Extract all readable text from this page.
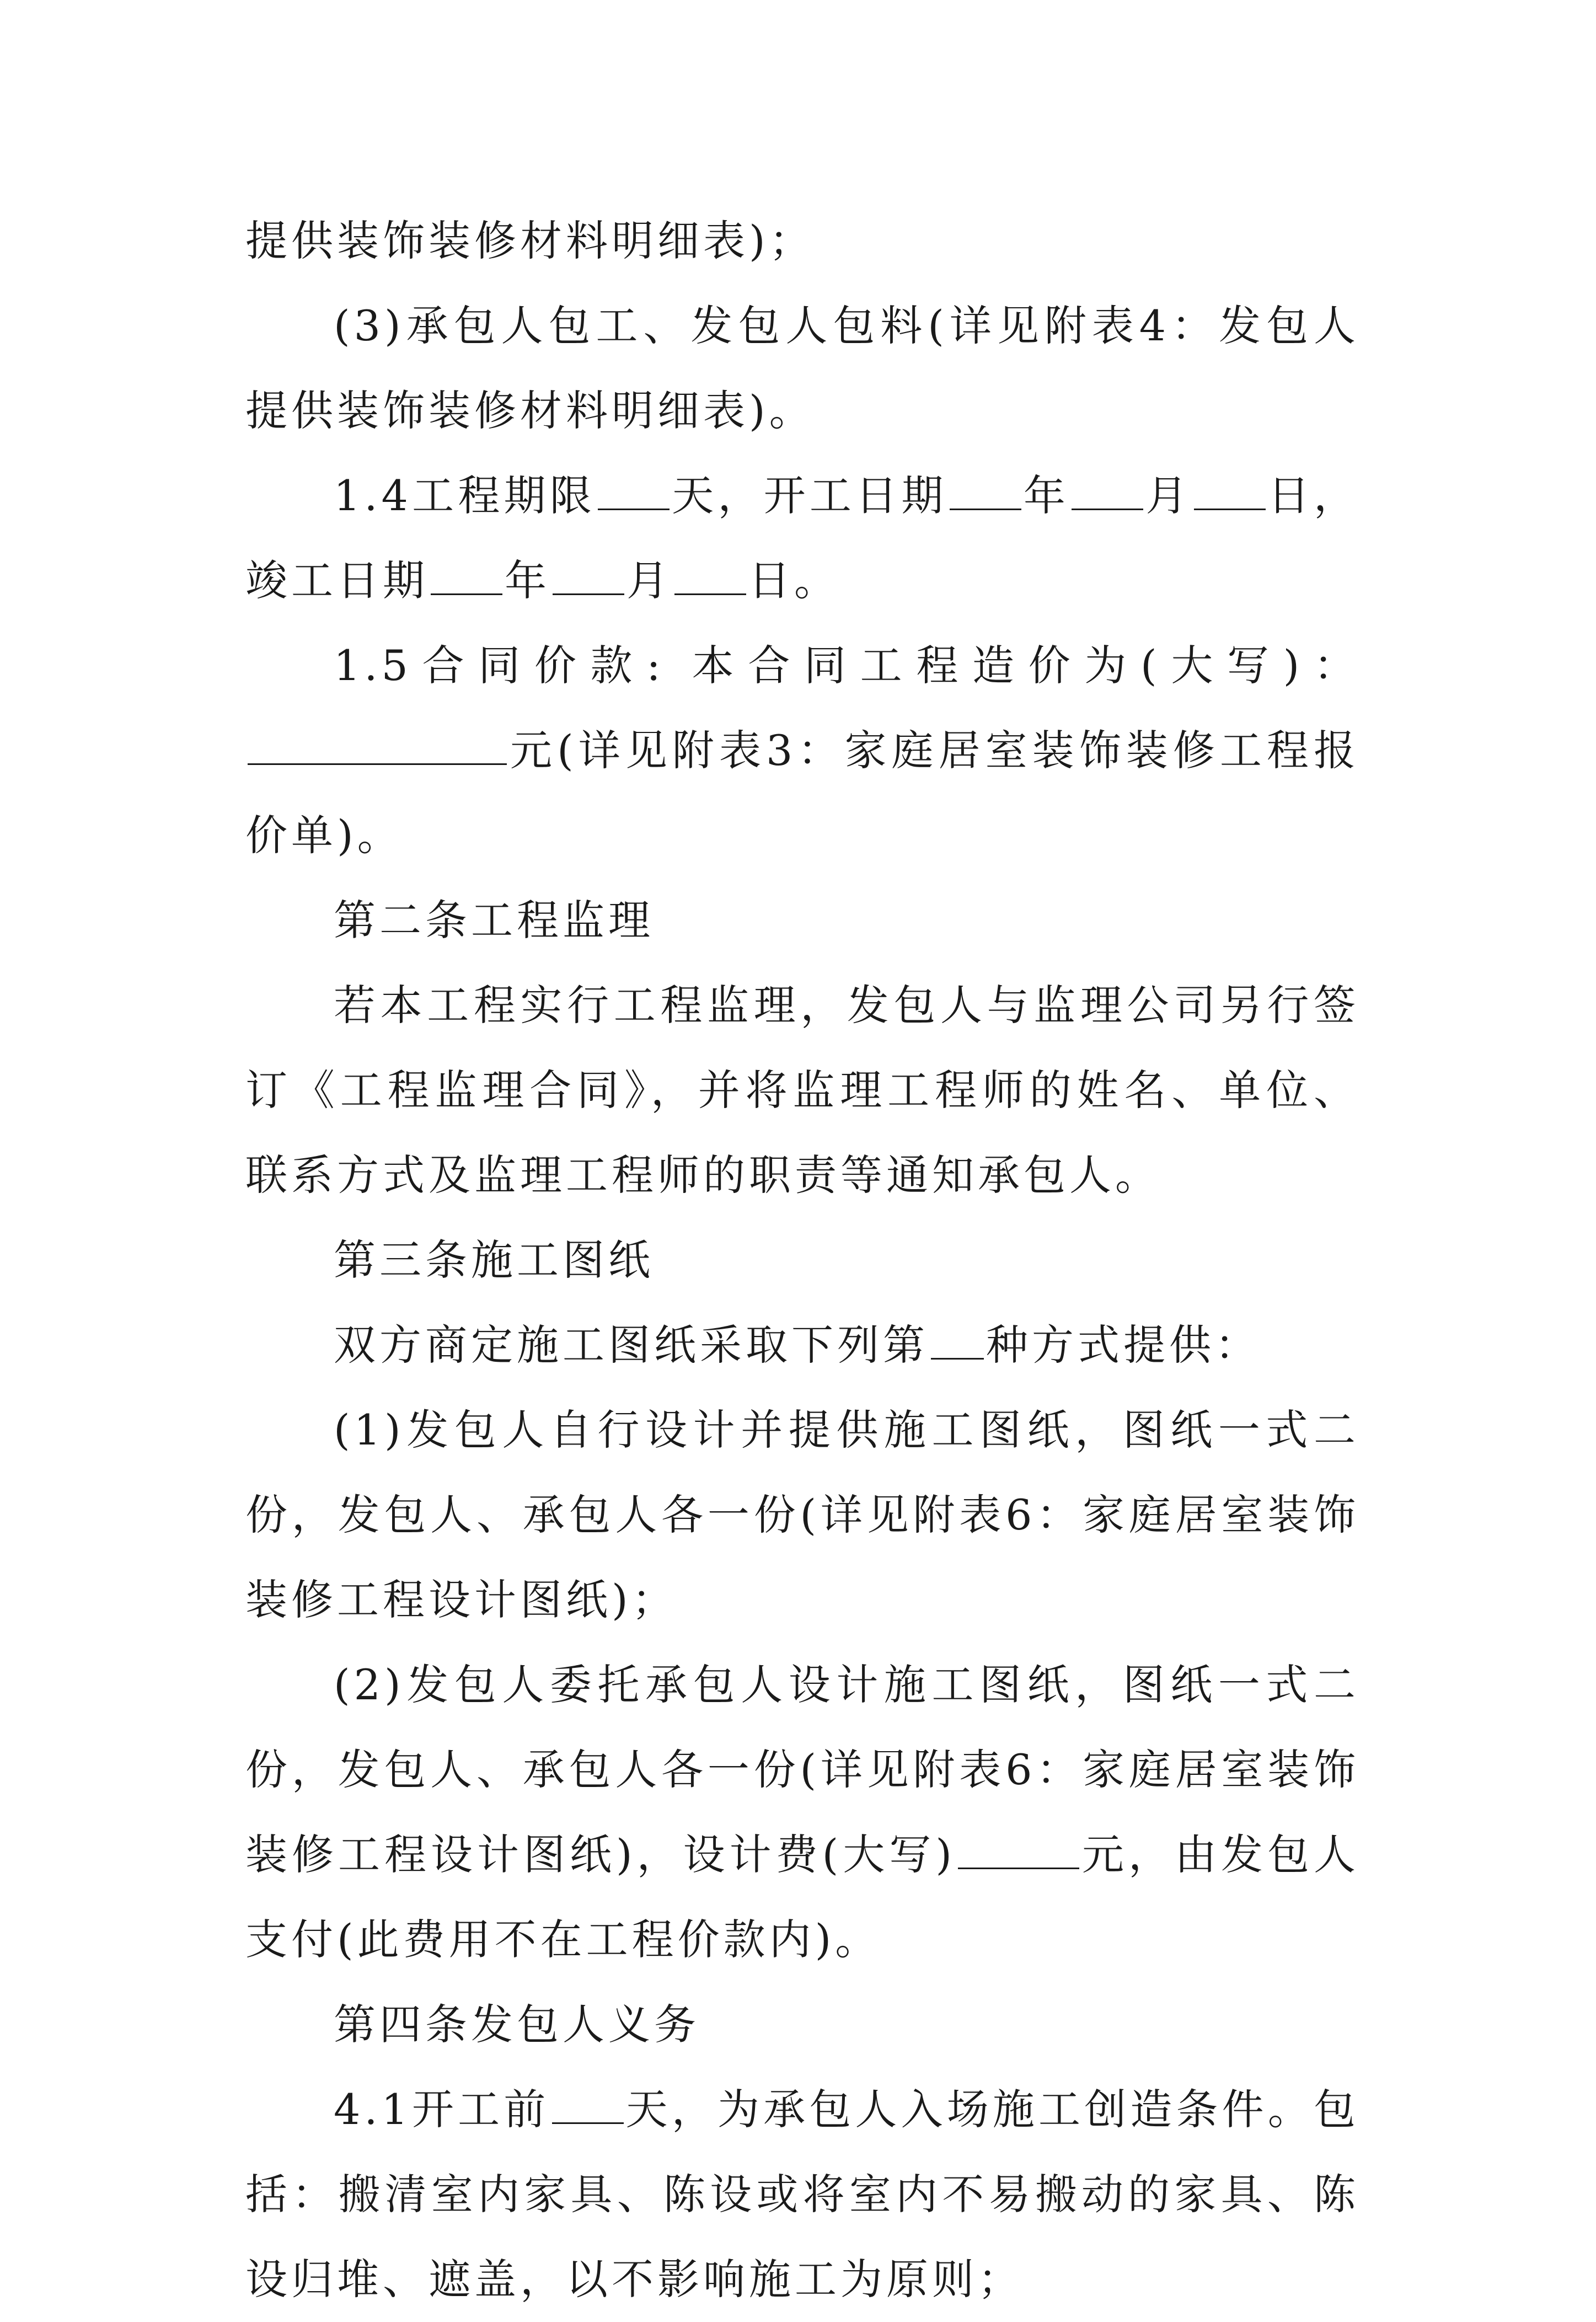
提供装饰装修材料明细表)；

(3)承包人包工、发包人包料(详见附表4：发包人提供装饰装修材料明细表)。

1.4工程期限 天，开工日期 年 月 日，竣工日期 年 月 日。

1.5合同价款: 本合同工程造价为(大写)：元(详见附表3：家庭居室装饰装修工程报价单)。

第二条工程监理

若本工程实行工程监理，发包人与监理公司另行签订《工程监理合同》，并将监理工程师的姓名、单位、联系方式及监理工程师的职责等通知承包人。

第三条施工图纸

双方商定施工图纸采取下列第 种方式提供：

(1)发包人自行设计并提供施工图纸，图纸一式二份，发包人、承包人各一份(详见附表6：家庭居室装饰装修工程设计图纸)；

(2)发包人委托承包人设计施工图纸，图纸一式二份，发包人、承包人各一份(详见附表6：家庭居室装饰装修工程设计图纸)，设计费(大写)	元，由发包人支付(此费用不在工程价款内)。

第四条发包人义务

4.1开工前 天，为承包人入场施工创造条件。包括：搬清室内家具、陈设或将室内不易搬动的家具、陈设归堆、遮盖，以不影响施工为原则；
